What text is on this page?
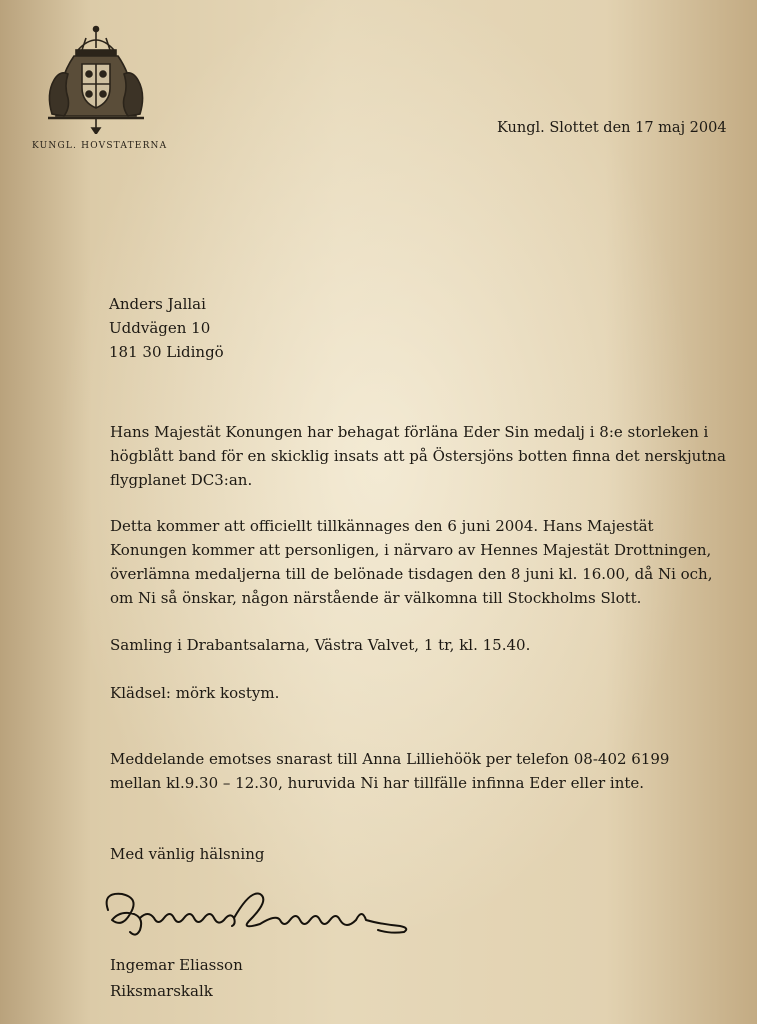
KUNGL. HOVSTATERNA
Kungl. Slottet den 17 maj 2004
Anders Jallai
Uddvägen 10
181 30 Lidingö
Hans Majestät Konungen har behagat förläna Eder Sin medalj i 8:e storleken i
högblått band för en skicklig insats att på Östersjöns botten finna det nerskjutna
flygplanet DC3:an.
Detta kommer att officiellt tillkännages den 6 juni 2004. Hans Majestät
Konungen kommer att personligen, i närvaro av Hennes Majestät Drottningen,
överlämna medaljerna till de belönade tisdagen den 8 juni kl. 16.00, då Ni och,
om Ni så önskar, någon närstående är välkomna till Stockholms Slott.
Samling i Drabantsalarna, Västra Valvet, 1 tr, kl. 15.40.
Klädsel: mörk kostym.
Meddelande emotses snarast till Anna Lilliehöök per telefon 08-402 6199
mellan kl.9.30 – 12.30, huruvida Ni har tillfälle infinna Eder eller inte.
Med vänlig hälsning
Ingemar Eliasson
Riksmarskalk
